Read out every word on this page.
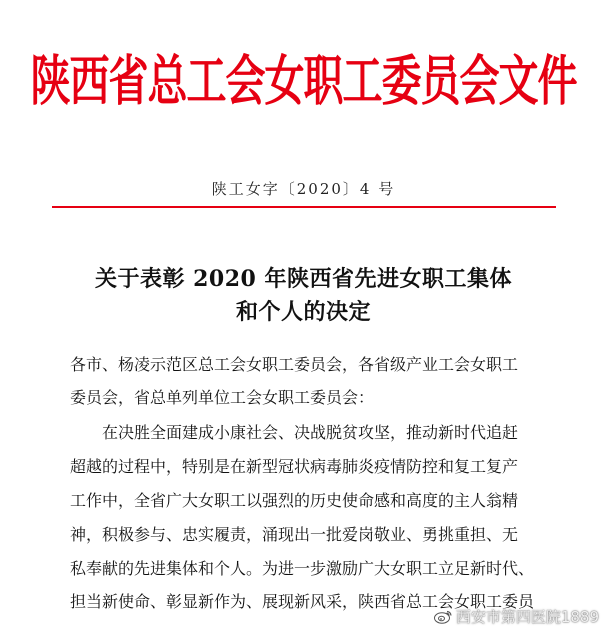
陕西省总工会女职工委员会文件
陕工女字〔2020〕4 号
关于表彰 2020 年陕西省先进女职工集体
和个人的决定
各市、杨凌示范区总工会女职工委员会，各省级产业工会女职工
委员会，省总单列单位工会女职工委员会：
　　在决胜全面建成小康社会、决战脱贫攻坚，推动新时代追赶
超越的过程中，特别是在新型冠状病毒肺炎疫情防控和复工复产
工作中，全省广大女职工以强烈的历史使命感和高度的主人翁精
神，积极参与、忠实履责，涌现出一批爱岗敬业、勇挑重担、无
私奉献的先进集体和个人。为进一步激励广大女职工立足新时代、
担当新使命、彰显新作为、展现新风采，陕西省总工会女职工委员
西安市第四医院1889
